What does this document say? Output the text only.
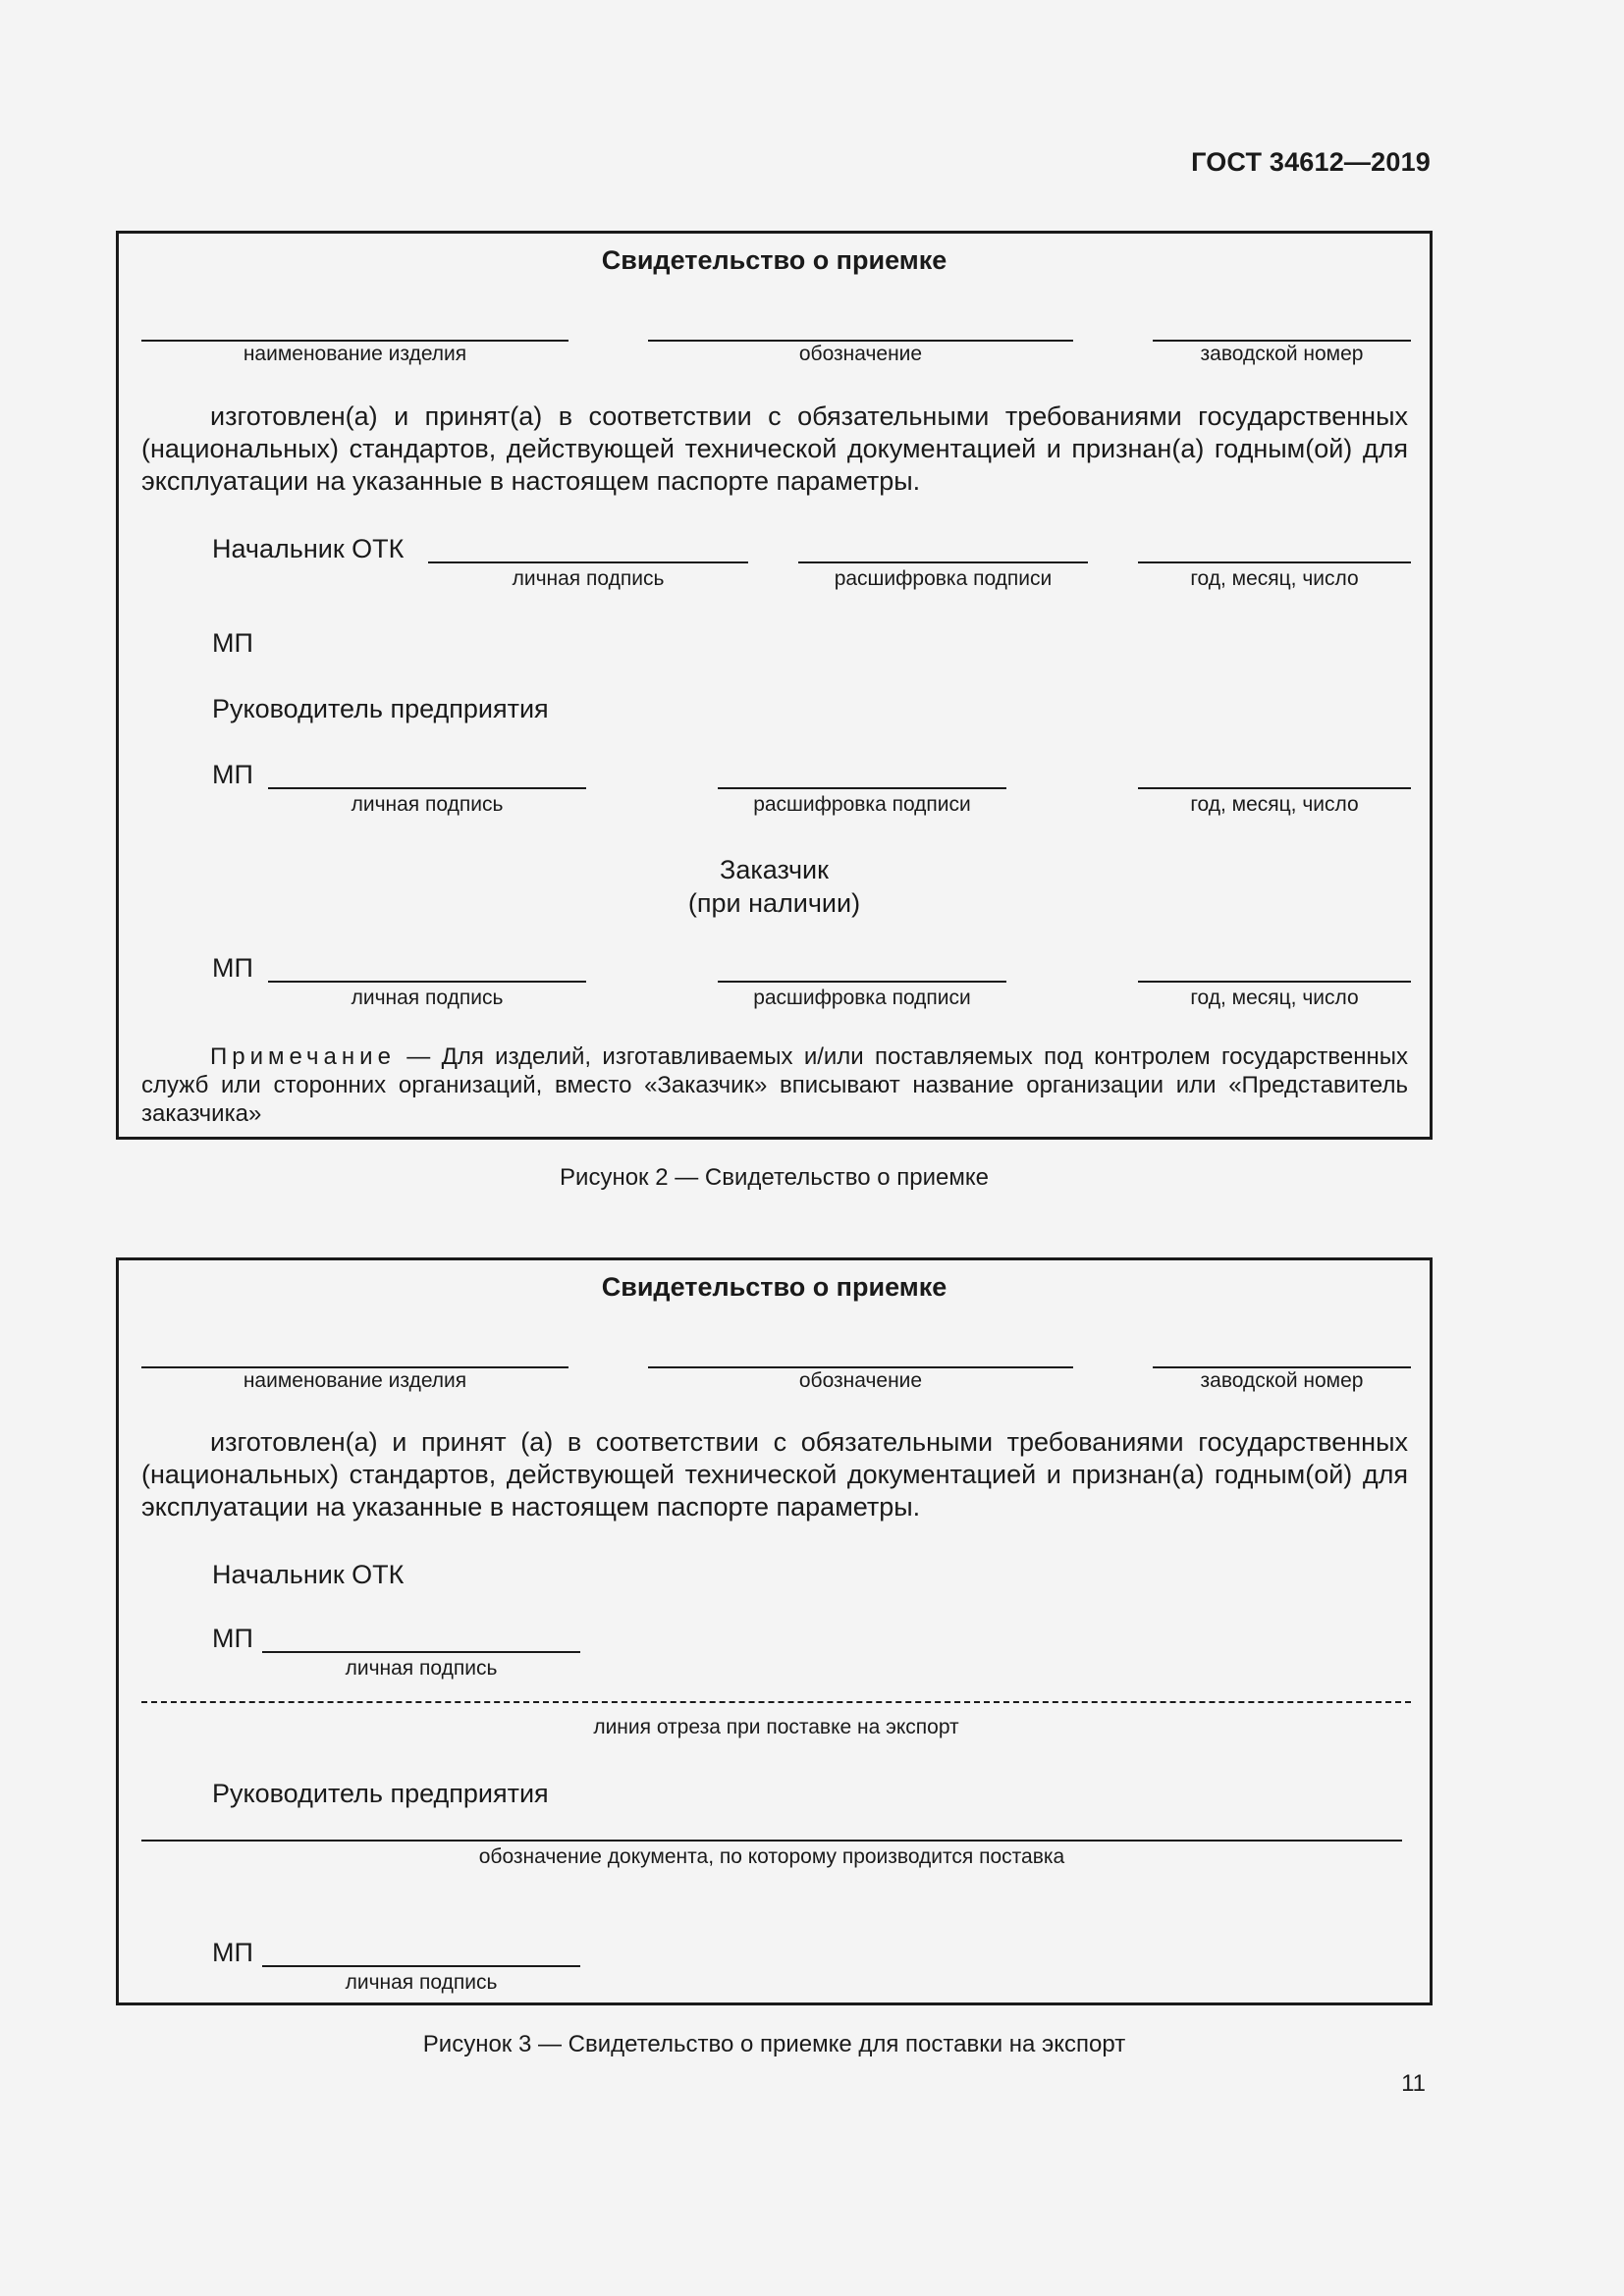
ГОСТ 34612—2019
Свидетельство о приемке
наименование изделия	обозначение	заводской номер
изготовлен(а) и принят(а) в соответствии с обязательными требованиями государственных (национальных) стандартов, действующей технической документацией и признан(а) годным(ой) для эксплуатации на указанные в настоящем паспорте параметры.
Начальник ОТК
личная подпись	расшифровка подписи	год, месяц, число
МП
Руководитель предприятия
МП
личная подпись	расшифровка подписи	год, месяц, число
Заказчик
(при наличии)
МП
личная подпись	расшифровка подписи	год, месяц, число
Примечание — Для изделий, изготавливаемых и/или поставляемых под контролем государственных служб или сторонних организаций, вместо «Заказчик» вписывают название организации или «Представитель заказчика»
Рисунок 2 — Свидетельство о приемке
Свидетельство о приемке
наименование изделия	обозначение	заводской номер
изготовлен(а) и принят (а) в соответствии с обязательными требованиями государственных (национальных) стандартов, действующей технической документацией и признан(а) годным(ой) для эксплуатации на указанные в настоящем паспорте параметры.
Начальник ОТК
МП
личная подпись
линия отреза при поставке на экспорт
Руководитель предприятия
обозначение документа, по которому производится поставка
МП
личная подпись
Рисунок 3 — Свидетельство о приемке для поставки на экспорт
11
